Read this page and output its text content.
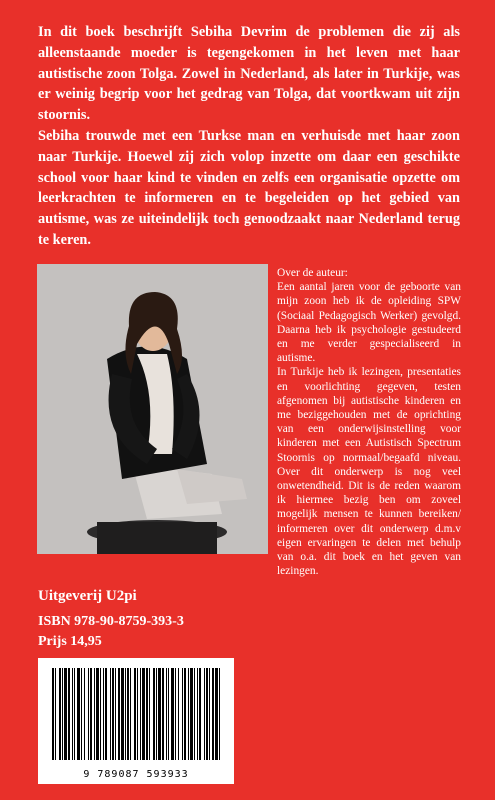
In dit boek beschrijft Sebiha Devrim de problemen die zij als alleenstaande moeder is tegengekomen in het leven met haar autistische zoon Tolga. Zowel in Nederland, als later in Turkije, was er weinig begrip voor het gedrag van Tolga, dat voortkwam uit zijn stoornis.

Sebiha trouwde met een Turkse man en verhuisde met haar zoon naar Turkije. Hoewel zij zich volop inzette om daar een geschikte school voor haar kind te vinden en zelfs een organisatie opzette om leerkrachten te informeren en te begeleiden op het gebied van autisme, was ze uiteindelijk toch genoodzaakt naar Nederland terug te keren.

Over de auteur:

Een aantal jaren voor de geboorte van mijn zoon heb ik de opleiding SPW (Sociaal Pedagogisch Werker) gevolgd. Daarna heb ik psychologie gestudeerd en me verder gespecialiseerd in autisme.

In Turkije heb ik lezingen, presentaties en voorlichting gegeven, testen afgenomen bij autistische kinderen en me beziggehouden met de oprichting van een onderwijsinstelling voor kinderen met een Autistisch Spectrum Stoornis op normaal/begaafd niveau. Over dit onderwerp is nog veel onwetendheid. Dit is de reden waarom ik hiermee bezig ben om zoveel mogelijk mensen te kunnen bereiken/ informeren over dit onderwerp d.m.v eigen ervaringen te delen met behulp van o.a. dit boek en het geven van lezingen.

Uitgeverij U2pi
ISBN 978-90-8759-393-3
Prijs 14,95
9 789087 593933
